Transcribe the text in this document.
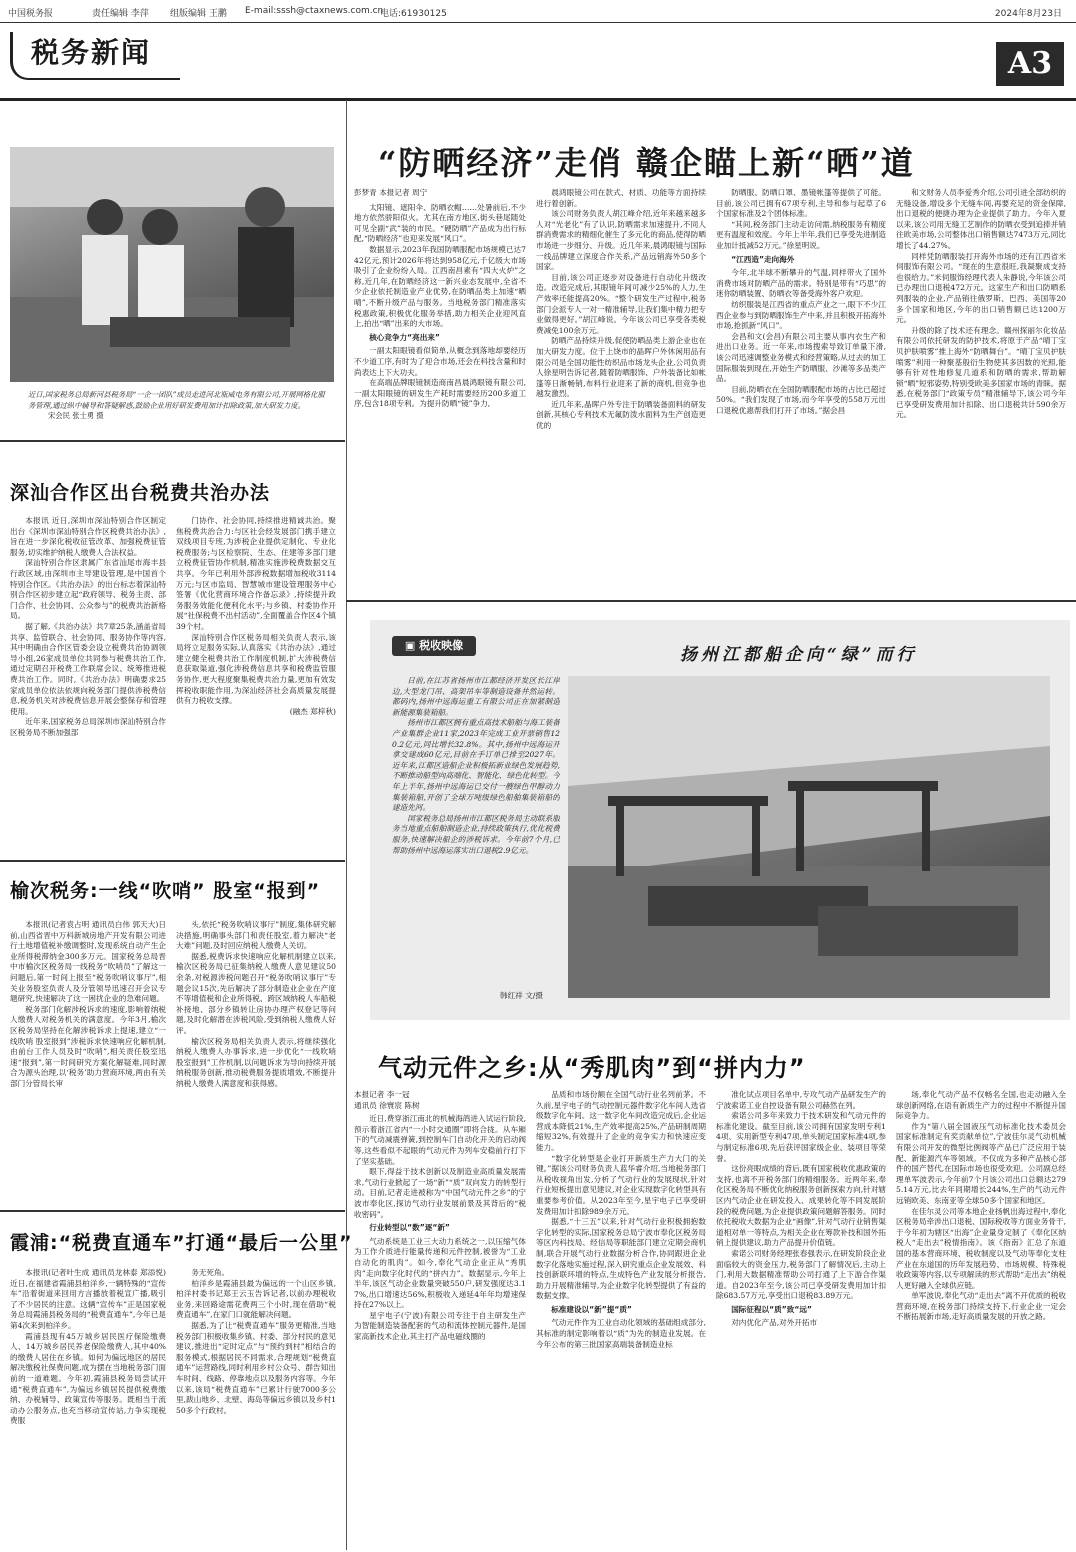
中国税务报	责任编辑 李萍 组版编辑 王鹏 E-mail:sssh@ctaxnews.com.cn
电话:61930125	2024年8月23日
税务新闻	A3
近日,国家税务总局新河县税务局“一企一团队”成员走进河北瓶威电务有限公司,开展网格化服务管理,通过纵中辅导和答疑解惑,鼓励企业用好研发费用加计扣除政策,加大研发力度。宋会民 张士勇 摄
深汕合作区出台税费共治办法

本报讯 近日,深圳市深汕特别合作区制定出台《深圳市深汕特别合作区税费共治办法》,旨在进一步深化税收征管改革、加强税费征管服务,切实维护纳税人缴费人合法权益。

深汕特别合作区隶属广东省汕尾市海丰县行政区域,由深圳市主导建设管理,是中国首个特别合作区。《共治办法》的出台标志着深汕特别合作区初步建立起“政府领导、税务主责、部门合作、社会协同、公众参与”的税费共治新格局。

据了解,《共治办法》共7章25条,涵盖省局共享、监管联合、社会协同、服务协作等内容,其中明确由合作区管委会设立税费共治协调领导小组,26家成员单位共同参与税费共治工作,通过定期召开税费工作联席会议、统筹推进税费共治工作。同时,《共治办法》明确要求25家成员单位依法依规向税务部门提供涉税费信息,税务机关对涉税费信息开展会整保存和管理使用。

近年来,国家税务总局深圳市深汕特别合作区税务局不断加强部

门协作、社会协同,持续推进精诚共治。聚焦税费共治合力:与区社会经发展部门携手建立双线项目专班,为涉税企业提供定制化、专业化税费服务;与区检察院、生态、住建等多部门建立税费征管协作机制,精准实施涉税费数据交互共享。今年已利用外部涉税数据增加税收3114万元;与区市监局、智慧城市建设管理服务中心签署《优化营商环境合作备忘录》,持续提升政务服务效能化便利化水平;与乡镇、村委协作开展“社保税费不出村活动”,全面覆盖合作区4个镇39个村。

深汕特别合作区税务局相关负责人表示,该局将立足服务实际,认真落实《共治办法》,通过建立健全税费共治工作制度机制,扩大涉税费信息获取渠道,强化涉税费信息共享和税费监管服务协作,更大程度聚集税费共治力量,更加有效发挥税收职能作用,为深汕经济社会高质量发展提供有力税收支撑。

(融杰 郑梓秋)
榆次税务:一线“吹哨” 股室“报到”

本报讯(记者袁占明 通讯员白伟 郭天大)日前,山西省晋中万科新城房地产开发有限公司进行土地增值税补缴调整时,发现系统自动产生企业所得税滞纳金300多万元。国家税务总局晋中市榆次区税务局一线税务“吹哨员”了解这一问题后,第一时间上报至“税务吹哨议事厅”,相关业务股室负责人及分管领导迅速召开会议专题研究,快速解决了这一困扰企业的急难问题。

税务部门化解涉税诉求的速度,影响着纳税人缴费人对税务机关的满意度。今年3月,榆次区税务局坚持在化解涉税诉求上提速,建立“一线吹哨 股室报到”涉税诉求快速响应化解机制,由前台工作人员及时“吹哨”,相关责任股室迅速“报到”,第一时间研究方案化解疑难,同时源合为源头治理,以‘税务’助力营商环境,两由有关部门分管局长审

头,依托“税务吹哨议事厅”制度,集体研究解决措施,明确事头部门和责任股室,着力解决“老大难”问题,及时回应纳税人缴费人关切。

据悉,税费诉求快速响应化解机制建立以来,榆次区税务局已征集纳税人缴费人意见建议50余条,对税源涉税问题召开“税务吹哨议事厅”专题会议15次,先后解决了部分制造业企业在产度不等增值税和企业所得税、跨区域纳税人车船税补接地、部分乡镇转让房协办理产权登记等问题,及时化解潜在涉税风险,受到纳税人缴费人好评。

榆次区税务局相关负责人表示,将继续强化纳税人缴费人办事诉求,进一步优化“一线吹哨 股室报到”工作机制,以问题诉求为导向持续开展纳税服务创新,推动税费服务提质增效,不断提升纳税人缴费人满意度和获得感。

霞浦:“税费直通车”打通“最后一公里”

本报讯(记者叶生成 通讯员龙林泰 郑添悦)近日,在福建省霞浦县柏洋乡,一辆特殊的“宣传车”沿着街道来回用方言播放着税宣广播,吸引了不少居民的注意。这辆“宣传车”正是国家税务总局霞浦县税务局的“税费直通车”,今年已是第4次来到柏洋乡。

霞浦县现有45万城乡居民医疗保险缴费人、14万城乡居民养老保险缴费人,其中40%的缴费人居住在乡镇。如何为偏远地区的居民解决缴税社保费问题,成为摆在当地税务部门面前的一道难题。今年初,霞浦县税务局尝试开通“税费直通车”,为偏远乡镇居民提供税费缴纳、办税辅导、政策宣传等服务。既相当于流动办公服务点,也充当移动宣传站,力争实现税费服

务无死角。

柏洋乡是霞浦县最为偏远的一个山区乡镇,柏洋村委书记郑王云玉告诉记者,以前办理税收业务,来回路途需花费两三个小时,现在借助“税费直通车”,在家门口就能解决问题。

据悉,为了让“税费直通车”服务更精准,当地税务部门积极收集乡镇、村委、部分村民的意见建议,推进出“定时定点”与“预约到村”相结合的服务模式,根据居民不同需求,合理规划“税费直通车”运营路线,同时利用乡村公众号、群告知出车时间、线路、停靠地点以及服务内容等。今年以来,该局“税费直通车”已累计行驶7000多公里,跋山地乡、北壁、海岛等偏远乡镇以及乡村150多个行政村。

“防晒经济”走俏 赣企瞄上新“晒”道
彭梦青 本报记者 周宁

太阳镜、遮阳伞、防晒衣帽……处暑前后,不少地方依然骄阳似火。尤其在南方地区,街头巷尾随处可见全副“武”装的市民。“硬防晒”产品成为出行标配,“防晒经济”也迎来发展“风口”。

数据显示,2023年我国防晒服配市场规模已达742亿元,预计2026年将达到958亿元,千亿级大市场吸引了企业纷纷入局。江西南昌素有“四大火炉”之称,近几年,在防晒经济这一新兴业态发展中,全省不少企业依托制造业产业优势,在防晒品类上加速“晒晴”,不断升级产品与服务。当地税务部门精准落实税惠政策,积极优化服务举措,助力相关企业迎风直上,拍出“晒”出来的大市场。

核心竞争力“亮出来”

一副太阳眼镜看似简单,从概念到落地却要经历不少道工序,有时为了迎合市场,还会在科技含量和时尚表达上下大功夫。

在高端品牌眼镜制造商南昌晨鸿眼镜有限公司,一副太阳眼镜的研发生产耗时需要经历200多道工序,包含18项专利。为提升防晒“镜”争力,

晨鸿眼镜公司在款式、材质、功能等方面持续进行着创新。

该公司财务负责人胡江峰介绍,近年来越来越多人对“光老化”有了认识,防晒需求加速提升,不同人群消费需求的精细化催生了多元化的商品,使得防晒市场进一步细分、升级。近几年来,晨鸿眼镜与国际一线品牌建立深度合作关系,产品远销海外50多个国家。

目前,该公司正逐步对设备进行自动化升级改造。改造完成后,其眼镜年间可减少25%的人力,生产效率还能提高20%。“整个研发生产过程中,税务部门会派专人一对一精准辅导,让我们集中精力把专业做得更好。”胡江峰说。今年该公司已享受各类税费减免100余万元。

防晒产品持续升级,促使防晒品类上游企业也在加大研发力度。位于上饶市的晶晖户外休闲用品有限公司是全国功能性纺织品市场龙头企业,公司负责人徐星明告诉记者,随着防晒服饰、户外装备比如帐篷等日渐畅销,布料行业迎来了新的商机,但竞争也越发激烈。

近几年来,晶晖户外专注于防晒装备面料的研发创新,其核心专利技术无氟防泼水面料为生产创造更优的

防晒服、防晒口罩、墨镜帐篷等提供了可能。目前,该公司已拥有67项专利,主导和参与起草了6个国家标准及2个团体标准。

“其间,税务部门主动走访问需,纳税服务有精度更有温度和效度。今年上半年,我们已享受先进制造业加计抵减52万元。”徐星明说。

“江西造”走向海外

今年,北半球不断攀升的气温,同样带火了国外消费市场对防晒产品的需求。特别是带有“巧思”的迷你防晒装置、防晒衣等备受海外客户欢迎。

纺织服装是江西省的重点产业之一,眼下不少江西企业参与到防晒服饰生产中来,并且积极开拓海外市场,抢抓新“风口”。

会昌和文(会昌)有限公司主要从事内衣生产和进出口业务。近一年来,市场搜索导致订单量下滑,该公司迅速调整业务模式和经营策略,从过去的加工国际服装到现在,开始生产防晒服、沙滩等多品类产品。

目前,防晒衣在全国防晒服配市场的占比已超过50%。“我们发现了市场,而今年享受的558万元出口退税优惠帮我们打开了市场。”据会昌

和文财务人员李爱秀介绍,公司引进全部纺织的无缝设备,增设多个无缝车间,再要充足的资金保障,出口退税的便捷办理为企业提供了助力。今年入夏以来,该公司用无缝工艺制作的防晒衣受到追捧并销往欧美市场,公司整体出口销售额达7473万元,同比增长了44.27%。

同样凭防晒服装打开海外市场的还有江西省米伺服饰有限公司。“现在的生意很旺,我凝聚成支持也很给力。”米伺服饰经理代表人朱静说,今年该公司已办理出口退税472万元。这家生产和出口防晒系列服装的企业,产品销往俄罗斯、巴西、美国等20多个国家和地区,今年的出口销售额已达1200万元。

升级的除了技术还有理念。赣州探丽尔化妆品有限公司依托研发的防护技术,将原于产品“晴丁宝贝护肤喷雾”推上海外“防晒舞台”。“晴丁宝贝护肤喷雾”利用一种聚基般衍生物使其多因数的光照,能够有针对性地修复几道系和防晒的需求,帮助解锁“晒”短邪姿势,特别受欧美多国家市场的青睐。据悉,在税务部门“政策专员”精准辅导下,该公司今年已享受研发费用加计扣除、出口退税共计590余万元。

▣ 税收映像	扬州江都船企向“绿”而行

日前,在江苏省扬州市江都经济开发区长江岸边,大型龙门吊、高架吊车等制造设备井然运转。都码内,扬州中远海运重工有限公司正在加紧制造新能源集装箱船。

扬州市江都区拥有重点高技术船舶与海工装备产业集群企业11家,2023年完成工业开票销售120.2亿元,同比增长32.8%。其中,扬州中远海运开拿交建成60亿元,目前在手订单已排至2027年。近年来,江都区造船企业积极拓新业绿色发展趋势,不断推动船型向高端化、智能化、绿色化转型。今年上半年,扬州中远海运已交付一艘绿色甲醇动力集装箱船,开创了全球万吨级绿色船舶集装箱船的建造先河。

国家税务总局扬州市江都区税务局主动联系服务当地重点船舶制造企业,持续政策执行,优化税费服务,快速解决船企的涉税诉求。今年前7个月,已帮助扬州中远海运落实出口退税2.9亿元。

韩红祥 文/摄
气动元件之乡:从“秀肌肉”到“拼内力”
本报记者 李一冠
通讯员 徐寰宸 陈树

近日,费穿浙江南北的机械海鸽进入试运行阶段,预示着浙江省内“一小时交通圈”即将合拢。从车厢下的气动减震弹簧,到控制车门自动化开关的启动阀等,这些看似不起眼的气动元件为列车安稳前行打下了坚实基础。

眼下,得益于技术创新以及制造业高质量发展需求,气动行业掀起了一场“新”“质”双向发力的转型行动。目前,记者走进被称为“中国气动元件之乡”的宁波市奉化区,探访气动行业发展前景及其背后的“税收密码”。

行业转型以“数”逐“新”

气动系统是工业三大动力系统之一,以压缩气体为工作介质进行能量传递和元件控制,被誉为“工业自动化的肌肉”。如今,奉化气动企业正从“秀肌肉”走向数字化时代的“拼内力”。数据显示,今年上半年,该区气动企业数量突破550户,研发强度达3.17%,出口增速达56%,积极收入递延4年年均增速保持在27%以上。

星宇电子(宁波)有限公司专注于自主研发生产为智能制造装备配套的气动和流体控制元器件,是国家高新技术企业,其主打产品电磁线圈的

品质和市场份额在全国气动行业名列前茅。不久前,星宇电子的气动控制元器件数字化车间人选省级数字化车间。这一数字化车间改造完成后,企业运营成本降低21%,生产效率提高25%,产品研制周期缩短32%,有效提升了企业的竞争实力和快速应变能力。

“数字化转型是企业打开新质生产力大门的关键。”据该公司财务负责人蓝华睿介绍,当地税务部门从税收视角出发,分析了气动行业的发展现状,针对行业短板提出意见建议,对企业实现数字化转型具有重要参考价值。从2023年至今,星宇电子已享受研发费用加计扣除989余万元。

据悉,“十三五”以来,针对气动行业积极拥抱数字化转型的实际,国家税务总局宁波市奉化区税务局等区内科技局、经信局等职能部门建立定期会商机制,联合开展气动行业数据分析合作,协同跟进企业数字化落地实施过程,深入研究重点企业发展效、科技创新联环增的特点,生成特色产业发展分析报告,助力开展精准辅导,为企业数字化转型提供了有益的数据支撑。

标准建设以“新”提“质”

气动元件作为工业自动化领域的基础组成部分,其标准的制定影响着以“质”为先的制造业发展。在今年公布的第三批国家高端装备制造业标

准化试点项目名单中,专攻气动产品研发生产的宁波索诺工业自控设备有限公司赫然在列。

索诺公司多年来致力于技术研发和气动元件的标准化建设。截至目前,该公司拥有国家发明专利14项、实用新型专利47项,单头制定国家标准4项,参与制定标准6项,先后获评国家级企业、装项目等荣誉。

这份亮眼成绩的背后,既有国家税收优惠政策的支持,也离不开税务部门的精细服务。近两年来,奉化区税务局不断优化纳税服务创新探索方向,针对辖区内气动企业在研发投入、成果转化等不同发展阶段的税费问题,为企业提供政策问题解答服务。同时依托税收大数据为企业“画像”,针对气动行业销售渠道相对单一等特点,为相关企业在筹款补技和国外拓销上提供建议,助力产品提升价值链。

索诺公司财务经理张春强表示,在研发阶段企业面临较大的资金压力,税务部门了解情况后,主动上门,利用大数据精准帮助公司打通了上下游合作渠道。自2023年至今,该公司已享受研发费用加计扣除683.57万元,享受出口退税83.89万元。

国际征程以“质”致“远”

对内优化产品,对外开拓市

场,奉化气动产品不仅畅名全国,也走动融入全球创新网络,在语有新质生产力的过程中不断提升国际竞争力。

作为“第八届全国液压气动标准化技术委员会国家标准制定有奖贡献单位”,宁波佳尔灵气动机械有限公司开发的微型比例阀等产品已广泛应用于装配、新能源汽车等领域。不仅成为多种产品核心部件的国产替代,在国际市场也很受欢迎。公司副总经理单军波表示,今年前7个月该公司出口总额达2795.14万元,比去年同期增长244%,生产的气动元件远销欧美、东南亚等全球50多个国家和地区。

在佳尔灵公司等本地企业扬帆出海过程中,奉化区税务局牵涉出口退税、国际税收等方面业务骨干,于今年初为辖区“出海”企业量身定制了《奉化区纳税人“走出去”税情指南》。该《指南》汇总了东道国的基本营商环境、税收制度以及气动等奉化支柱产业在东道国的历年发展趋势、市场规模、特殊税收政策等内容,以专项解读的形式帮助“走出去”纳税人更好融入全球供应链。

单军波说,奉化气动“走出去”离不开优质的税收营商环境,在税务部门持续支持下,行业企业一定会不断拓展新市场,走好高质量发展的开放之路。
